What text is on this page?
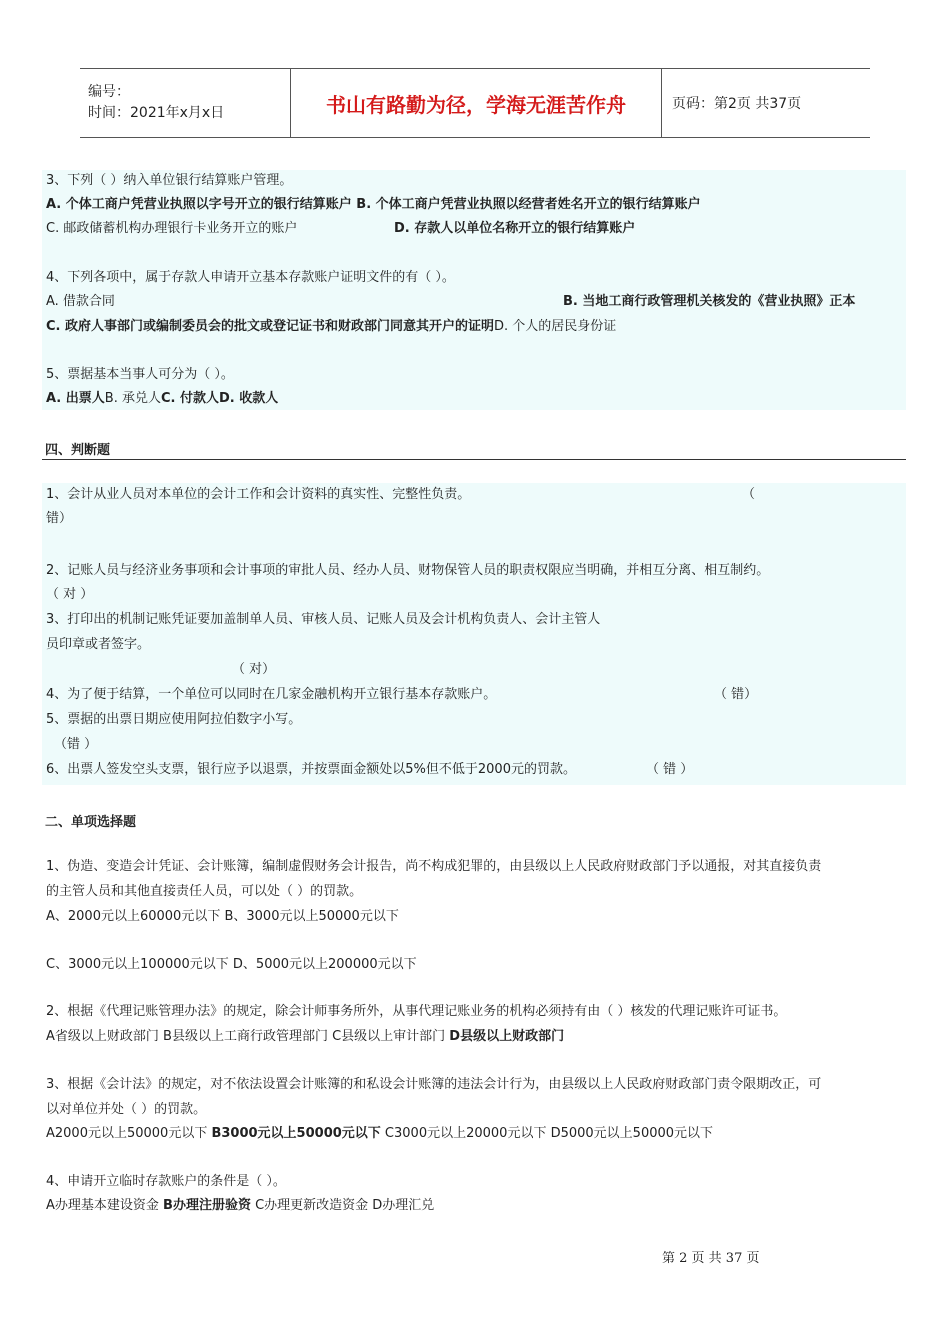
编号：
时间：2021年x月x日	书山有路勤为径，学海无涯苦作舟	页码：第2页 共37页
3、下列（ ）纳入单位银行结算账户管理。
A. 个体工商户凭营业执照以字号开立的银行结算账户 B. 个体工商户凭营业执照以经营者姓名开立的银行结算账户
C. 邮政储蓄机构办理银行卡业务开立的账户	D. 存款人以单位名称开立的银行结算账户
4、下列各项中，属于存款人申请开立基本存款账户证明文件的有（ ）。
A. 借款合同	B. 当地工商行政管理机关核发的《营业执照》正本
C. 政府人事部门或编制委员会的批文或登记证书和财政部门同意其开户的证明D. 个人的居民身份证
5、票据基本当事人可分为（ ）。
A. 出票人B. 承兑人C. 付款人D. 收款人
四、判断题
1、会计从业人员对本单位的会计工作和会计资料的真实性、完整性负责。	（
错）
2、记账人员与经济业务事项和会计事项的审批人员、经办人员、财物保管人员的职责权限应当明确，并相互分离、相互制约。
（ 对 ）
3、打印出的机制记账凭证要加盖制单人员、审核人员、记账人员及会计机构负责人、会计主管人
员印章或者签字。
（ 对）
4、为了便于结算，一个单位可以同时在几家金融机构开立银行基本存款账户。	（ 错）
5、票据的出票日期应使用阿拉伯数字小写。
（错 ）
6、出票人签发空头支票，银行应予以退票，并按票面金额处以5%但不低于2000元的罚款。	（ 错 ）
二、单项选择题
1、伪造、变造会计凭证、会计账簿，编制虚假财务会计报告，尚不构成犯罪的，由县级以上人民政府财政部门予以通报，对其直接负责
的主管人员和其他直接责任人员，可以处（ ）的罚款。
A、2000元以上60000元以下 B、3000元以上50000元以下
C、3000元以上100000元以下 D、5000元以上200000元以下
2、根据《代理记账管理办法》的规定，除会计师事务所外，从事代理记账业务的机构必须持有由（ ）核发的代理记账许可证书。
A省级以上财政部门 B县级以上工商行政管理部门 C县级以上审计部门 D县级以上财政部门
3、根据《会计法》的规定，对不依法设置会计账簿的和私设会计账簿的违法会计行为，由县级以上人民政府财政部门责令限期改正，可
以对单位并处（ ）的罚款。
A2000元以上50000元以下 B3000元以上50000元以下 C3000元以上20000元以下 D5000元以上50000元以下
4、申请开立临时存款账户的条件是（ ）。
A办理基本建设资金 B办理注册验资 C办理更新改造资金 D办理汇兑
第 2 页 共 37 页
